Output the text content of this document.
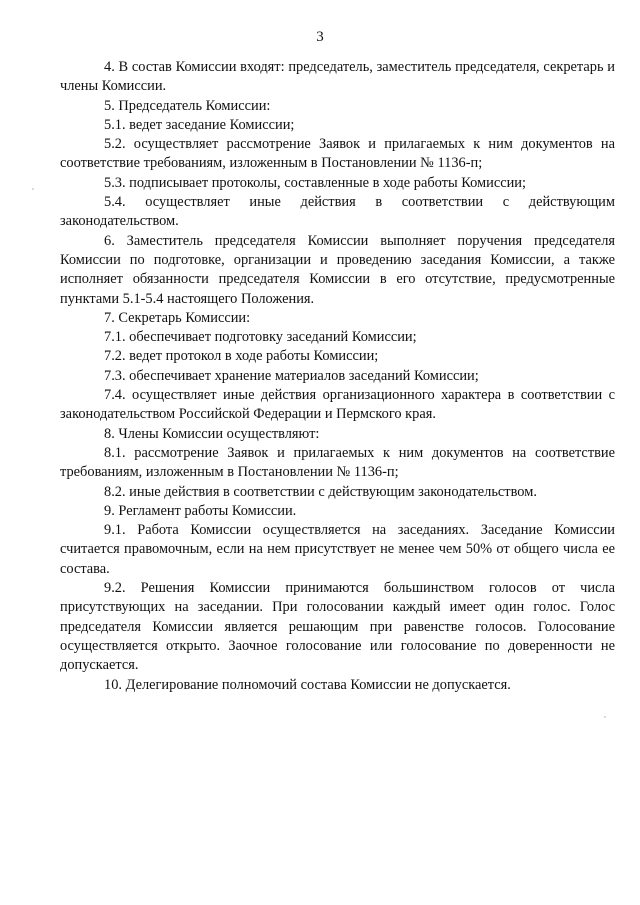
3

4. В состав Комиссии входят: председатель, заместитель председателя, секретарь и члены Комиссии.

5. Председатель Комиссии:

5.1. ведет заседание Комиссии;

5.2. осуществляет рассмотрение Заявок и прилагаемых к ним документов на соответствие требованиям, изложенным в Постановлении № 1136-п;

5.3. подписывает протоколы, составленные в ходе работы Комиссии;

5.4. осуществляет иные действия в соответствии с действующим законодательством.

6. Заместитель председателя Комиссии выполняет поручения председателя Комиссии по подготовке, организации и проведению заседания Комиссии, а также исполняет обязанности председателя Комиссии в его отсутствие, предусмотренные пунктами 5.1-5.4 настоящего Положения.

7. Секретарь Комиссии:

7.1. обеспечивает подготовку заседаний Комиссии;

7.2. ведет протокол в ходе работы Комиссии;

7.3. обеспечивает хранение материалов заседаний Комиссии;

7.4. осуществляет иные действия организационного характера в соответствии с законодательством Российской Федерации и Пермского края.

8. Члены Комиссии осуществляют:

8.1. рассмотрение Заявок и прилагаемых к ним документов на соответствие требованиям, изложенным в Постановлении № 1136-п;

8.2. иные действия в соответствии с действующим законодательством.

9. Регламент работы Комиссии.

9.1. Работа Комиссии осуществляется на заседаниях. Заседание Комиссии считается правомочным, если на нем присутствует не менее чем 50% от общего числа ее состава.

9.2. Решения Комиссии принимаются большинством голосов от числа присутствующих на заседании. При голосовании каждый имеет один голос. Голос председателя Комиссии является решающим при равенстве голосов. Голосование осуществляется открыто. Заочное голосование или голосование по доверенности не допускается.

10. Делегирование полномочий состава Комиссии не допускается.
